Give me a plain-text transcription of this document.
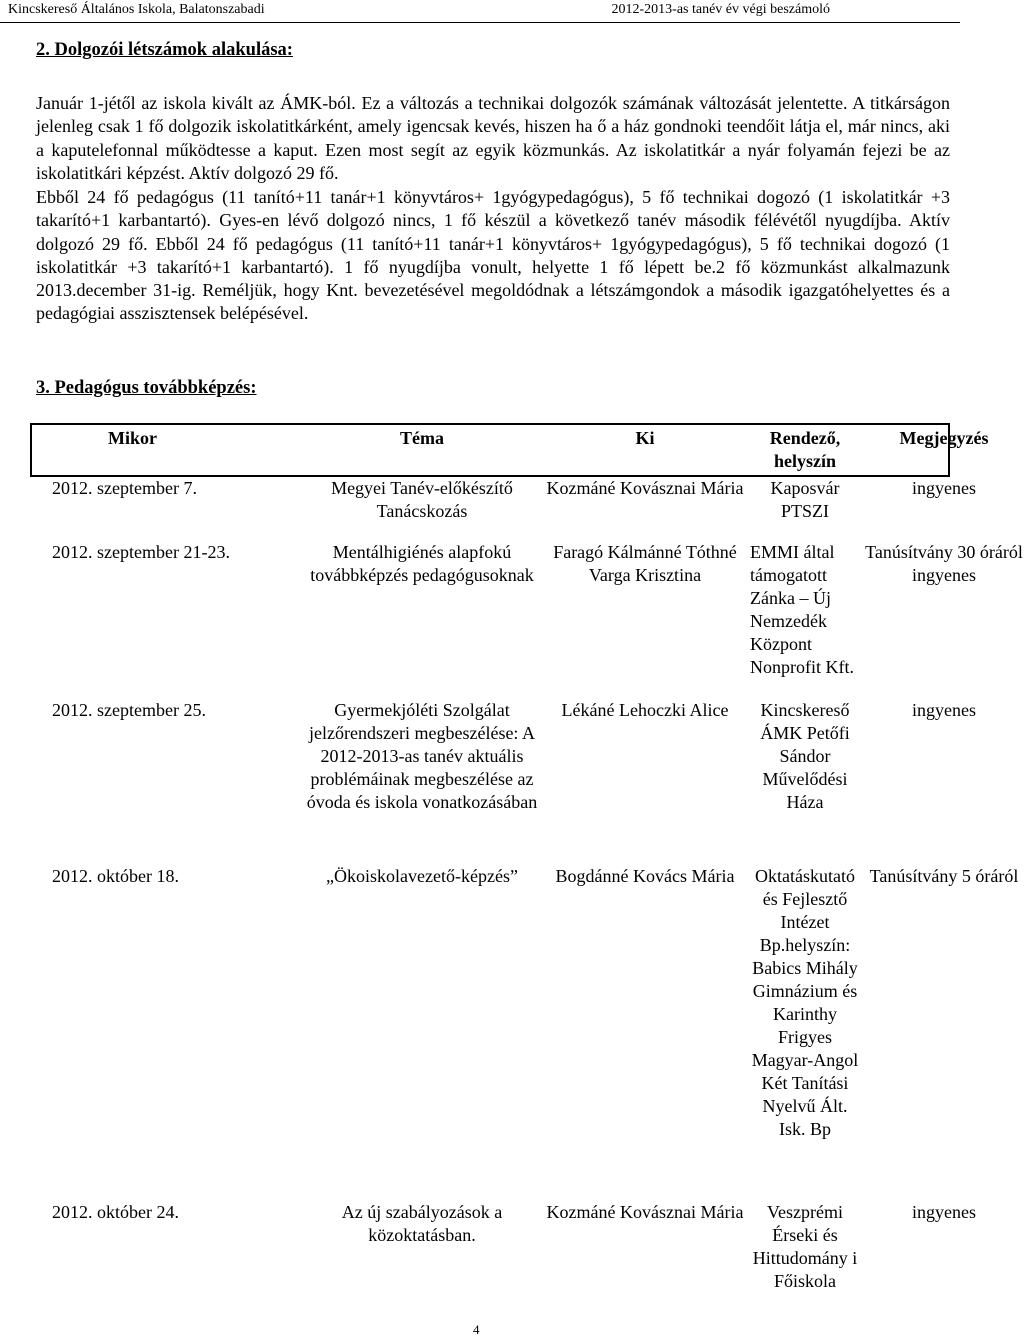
Kincskereső Általános Iskola, Balatonszabadi	2012-2013-as tanév év végi beszámoló
2. Dolgozói létszámok alakulása:

Január 1-jétől az iskola kivált az ÁMK-ból. Ez a változás a technikai dolgozók számának változását jelentette. A titkárságon jelenleg csak 1 fő dolgozik iskolatitkárként, amely igencsak kevés, hiszen ha ő a ház gondnoki teendőit látja el, már nincs, aki a kaputelefonnal működtesse a kaput. Ezen most segít az egyik közmunkás. Az iskolatitkár a nyár folyamán fejezi be az iskolatitkári képzést. Aktív dolgozó 29 fő.

Ebből 24 fő pedagógus (11 tanító+11 tanár+1 könyvtáros+ 1gyógypedagógus), 5 fő technikai dogozó (1 iskolatitkár +3 takarító+1 karbantartó). Gyes-en lévő dolgozó nincs, 1 fő készül a következő tanév második félévétől nyugdíjba. Aktív dolgozó 29 fő. Ebből 24 fő pedagógus (11 tanító+11 tanár+1 könyvtáros+ 1gyógypedagógus), 5 fő technikai dogozó (1 iskolatitkár +3 takarító+1 karbantartó). 1 fő nyugdíjba vonult, helyette 1 fő lépett be.2 fő közmunkást alkalmazunk 2013.december 31-ig. Reméljük, hogy Knt. bevezetésével megoldódnak a létszámgondok a második igazgatóhelyettes és a pedagógiai asszisztensek belépésével.

3. Pedagógus továbbképzés:
Mikor	Téma	Ki	Rendező, helyszín	Megjegyzés
2012. szeptember 7.	Megyei Tanév-előkészítő Tanácskozás	Kozmáné Kovásznai Mária	Kaposvár PTSZI	ingyenes
2012. szeptember 21-23.	Mentálhigiénés alapfokú továbbképzés pedagógusoknak	Faragó Kálmánné Tóthné Varga Krisztina	EMMI által támogatott Zánka – Új Nemzedék Központ Nonprofit Kft.	Tanúsítvány 30 óráról ingyenes
2012. szeptember 25.	Gyermekjóléti Szolgálat jelzőrendszeri megbeszélése: A 2012-2013-as tanév aktuális problémáinak megbeszélése az óvoda és iskola vonatkozásában	Lékáné Lehoczki Alice	Kincskereső ÁMK Petőfi Sándor Művelődési Háza	ingyenes
2012. október 18.	„Ökoiskolavezető-képzés”	Bogdánné Kovács Mária	Oktatáskutató és Fejlesztő Intézet Bp.helyszín: Babics Mihály Gimnázium és Karinthy Frigyes Magyar-Angol Két Tanítási Nyelvű Ált. Isk. Bp	Tanúsítvány 5 óráról
2012. október 24.	Az új szabályozások a közoktatásban.	Kozmáné Kovásznai Mária	Veszprémi Érseki és Hittudomány i Főiskola	ingyenes
4
